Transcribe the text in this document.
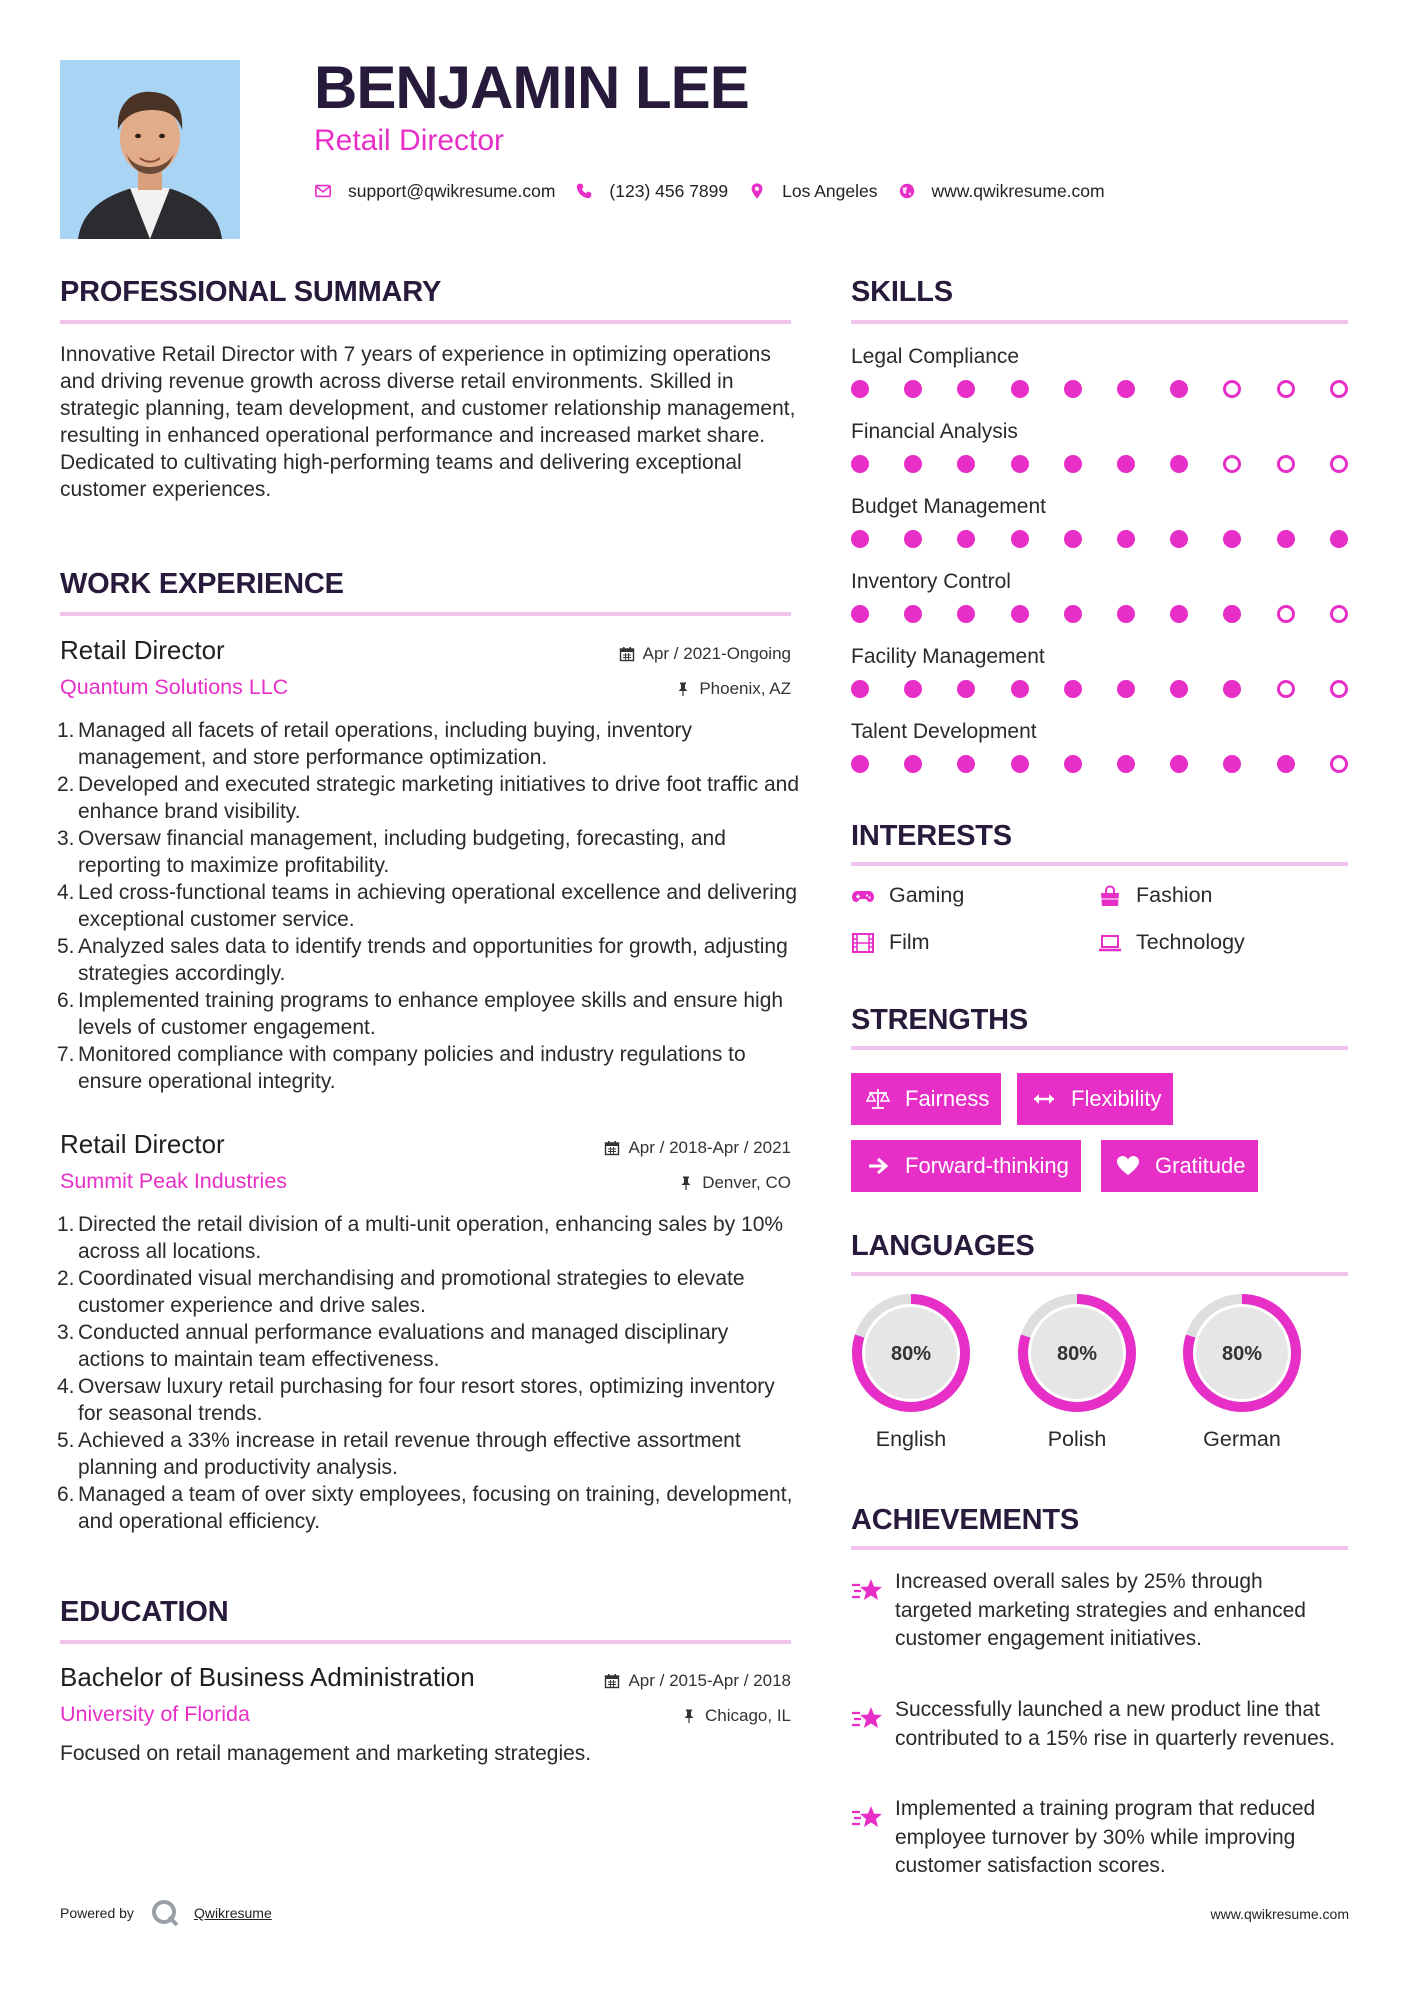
BENJAMIN LEE
Retail Director
support@qwikresume.com	(123) 456 7899	Los Angeles	www.qwikresume.com
PROFESSIONAL SUMMARY
Innovative Retail Director with 7 years of experience in optimizing operations and driving revenue growth across diverse retail environments. Skilled in strategic planning, team development, and customer relationship management, resulting in enhanced operational performance and increased market share. Dedicated to cultivating high-performing teams and delivering exceptional customer experiences.
WORK EXPERIENCE
Retail Director
Quantum Solutions LLC
Apr / 2021-Ongoing
Phoenix, AZ
1. Managed all facets of retail operations, including buying, inventory management, and store performance optimization.
2. Developed and executed strategic marketing initiatives to drive foot traffic and enhance brand visibility.
3. Oversaw financial management, including budgeting, forecasting, and reporting to maximize profitability.
4. Led cross-functional teams in achieving operational excellence and delivering exceptional customer service.
5. Analyzed sales data to identify trends and opportunities for growth, adjusting strategies accordingly.
6. Implemented training programs to enhance employee skills and ensure high levels of customer engagement.
7. Monitored compliance with company policies and industry regulations to ensure operational integrity.
Retail Director
Summit Peak Industries
Apr / 2018-Apr / 2021
Denver, CO
1. Directed the retail division of a multi-unit operation, enhancing sales by 10% across all locations.
2. Coordinated visual merchandising and promotional strategies to elevate customer experience and drive sales.
3. Conducted annual performance evaluations and managed disciplinary actions to maintain team effectiveness.
4. Oversaw luxury retail purchasing for four resort stores, optimizing inventory for seasonal trends.
5. Achieved a 33% increase in retail revenue through effective assortment planning and productivity analysis.
6. Managed a team of over sixty employees, focusing on training, development, and operational efficiency.
EDUCATION
Bachelor of Business Administration
University of Florida
Apr / 2015-Apr / 2018
Chicago, IL
Focused on retail management and marketing strategies.
SKILLS
Legal Compliance
Financial Analysis
Budget Management
Inventory Control
Facility Management
Talent Development
INTERESTS
Gaming	Fashion
Film	Technology
STRENGTHS
Fairness	Flexibility
Forward-thinking	Gratitude
LANGUAGES
80%
English
80%
Polish
80%
German
ACHIEVEMENTS
Increased overall sales by 25% through targeted marketing strategies and enhanced customer engagement initiatives.
Successfully launched a new product line that contributed to a 15% rise in quarterly revenues.
Implemented a training program that reduced employee turnover by 30% while improving customer satisfaction scores.
Powered by	Qwikresume	www.qwikresume.com
